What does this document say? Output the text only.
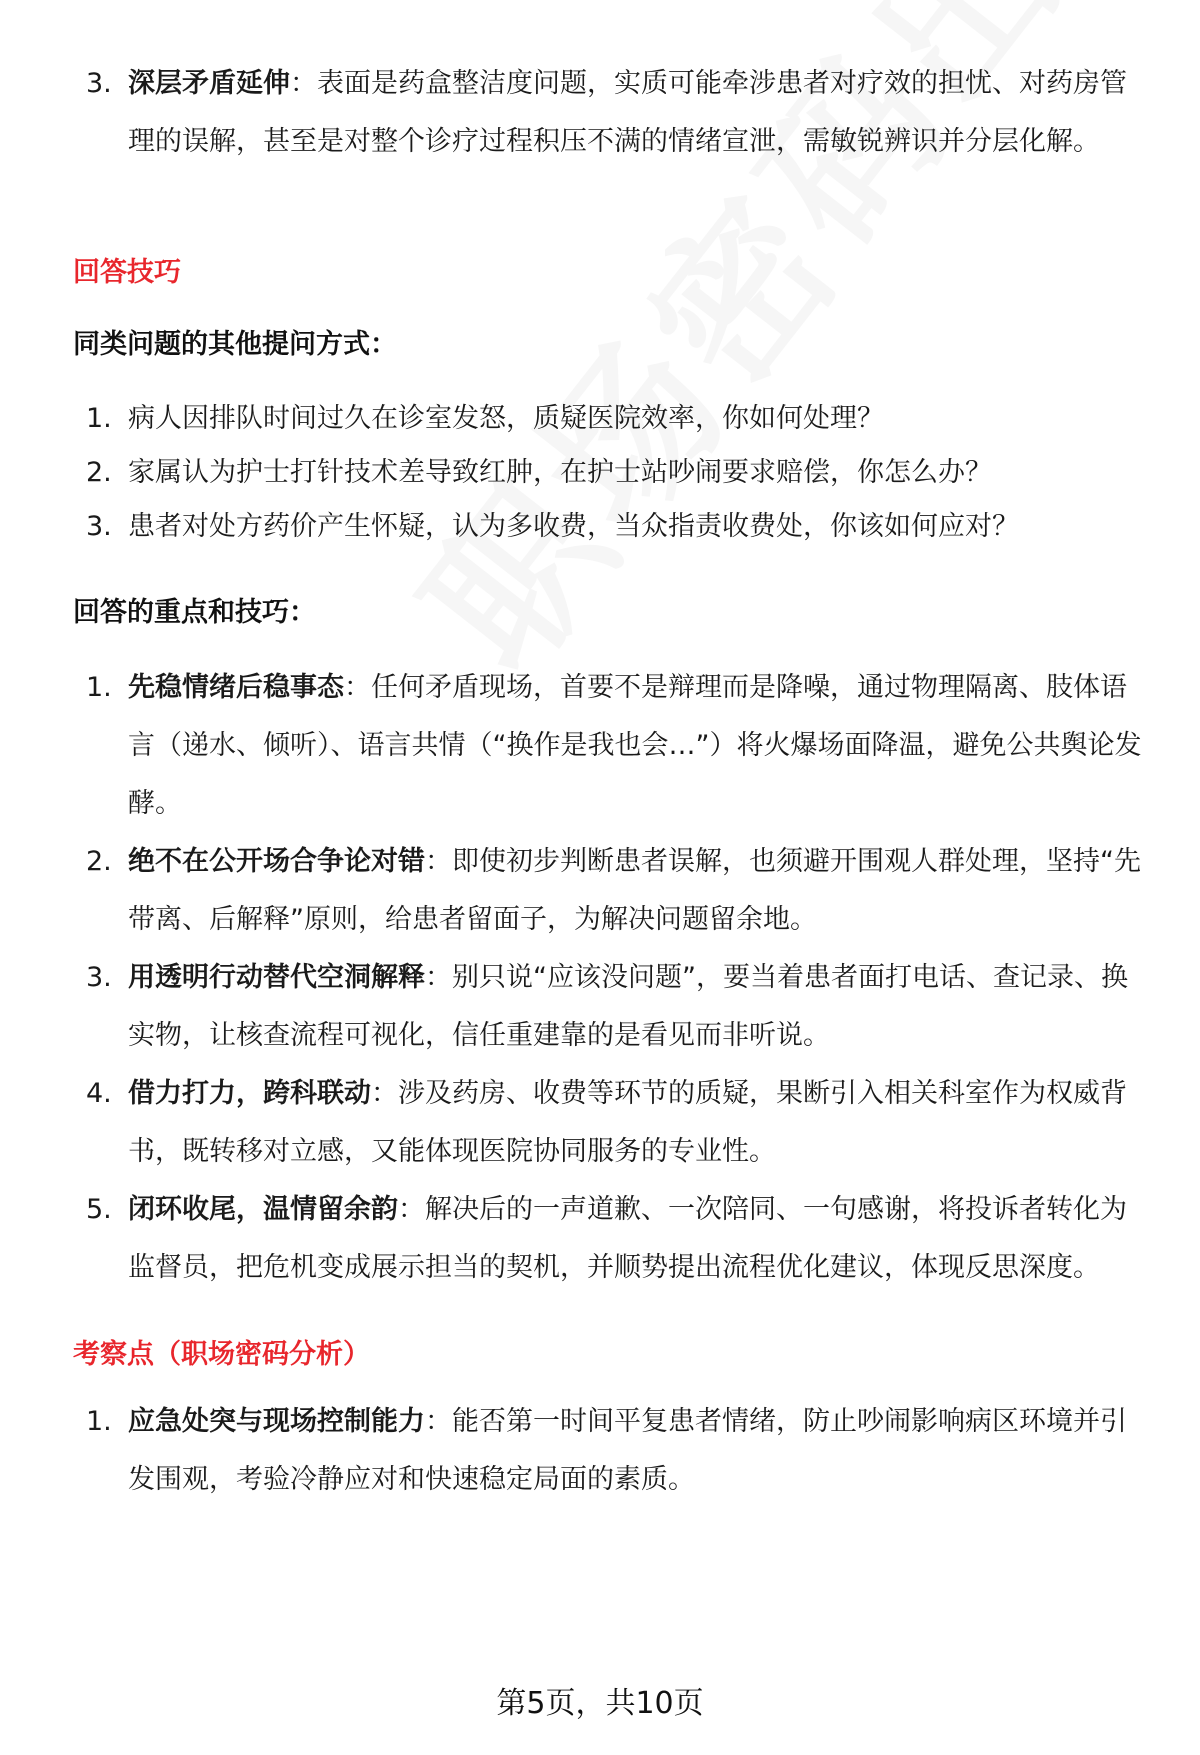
3. 深层矛盾延伸：表面是药盒整洁度问题，实质可能牵涉患者对疗效的担忧、对药房管理的误解，甚至是对整个诊疗过程积压不满的情绪宣泄，需敏锐辨识并分层化解。
回答技巧
同类问题的其他提问方式：
1. 病人因排队时间过久在诊室发怒，质疑医院效率，你如何处理？
2. 家属认为护士打针技术差导致红肿，在护士站吵闹要求赔偿，你怎么办？
3. 患者对处方药价产生怀疑，认为多收费，当众指责收费处，你该如何应对？
回答的重点和技巧：
1. 先稳情绪后稳事态：任何矛盾现场，首要不是辩理而是降噪，通过物理隔离、肢体语言（递水、倾听）、语言共情（“换作是我也会…”）将火爆场面降温，避免公共舆论发酵。
2. 绝不在公开场合争论对错：即使初步判断患者误解，也须避开围观人群处理，坚持“先带离、后解释”原则，给患者留面子，为解决问题留余地。
3. 用透明行动替代空洞解释：别只说“应该没问题”，要当着患者面打电话、查记录、换实物，让核查流程可视化，信任重建靠的是看见而非听说。
4. 借力打力，跨科联动：涉及药房、收费等环节的质疑，果断引入相关科室作为权威背书，既转移对立感，又能体现医院协同服务的专业性。
5. 闭环收尾，温情留余韵：解决后的一声道歉、一次陪同、一句感谢，将投诉者转化为监督员，把危机变成展示担当的契机，并顺势提出流程优化建议，体现反思深度。
考察点（职场密码分析）
1. 应急处突与现场控制能力：能否第一时间平复患者情绪，防止吵闹影响病区环境并引发围观，考验冷静应对和快速稳定局面的素质。
第5页，共10页
